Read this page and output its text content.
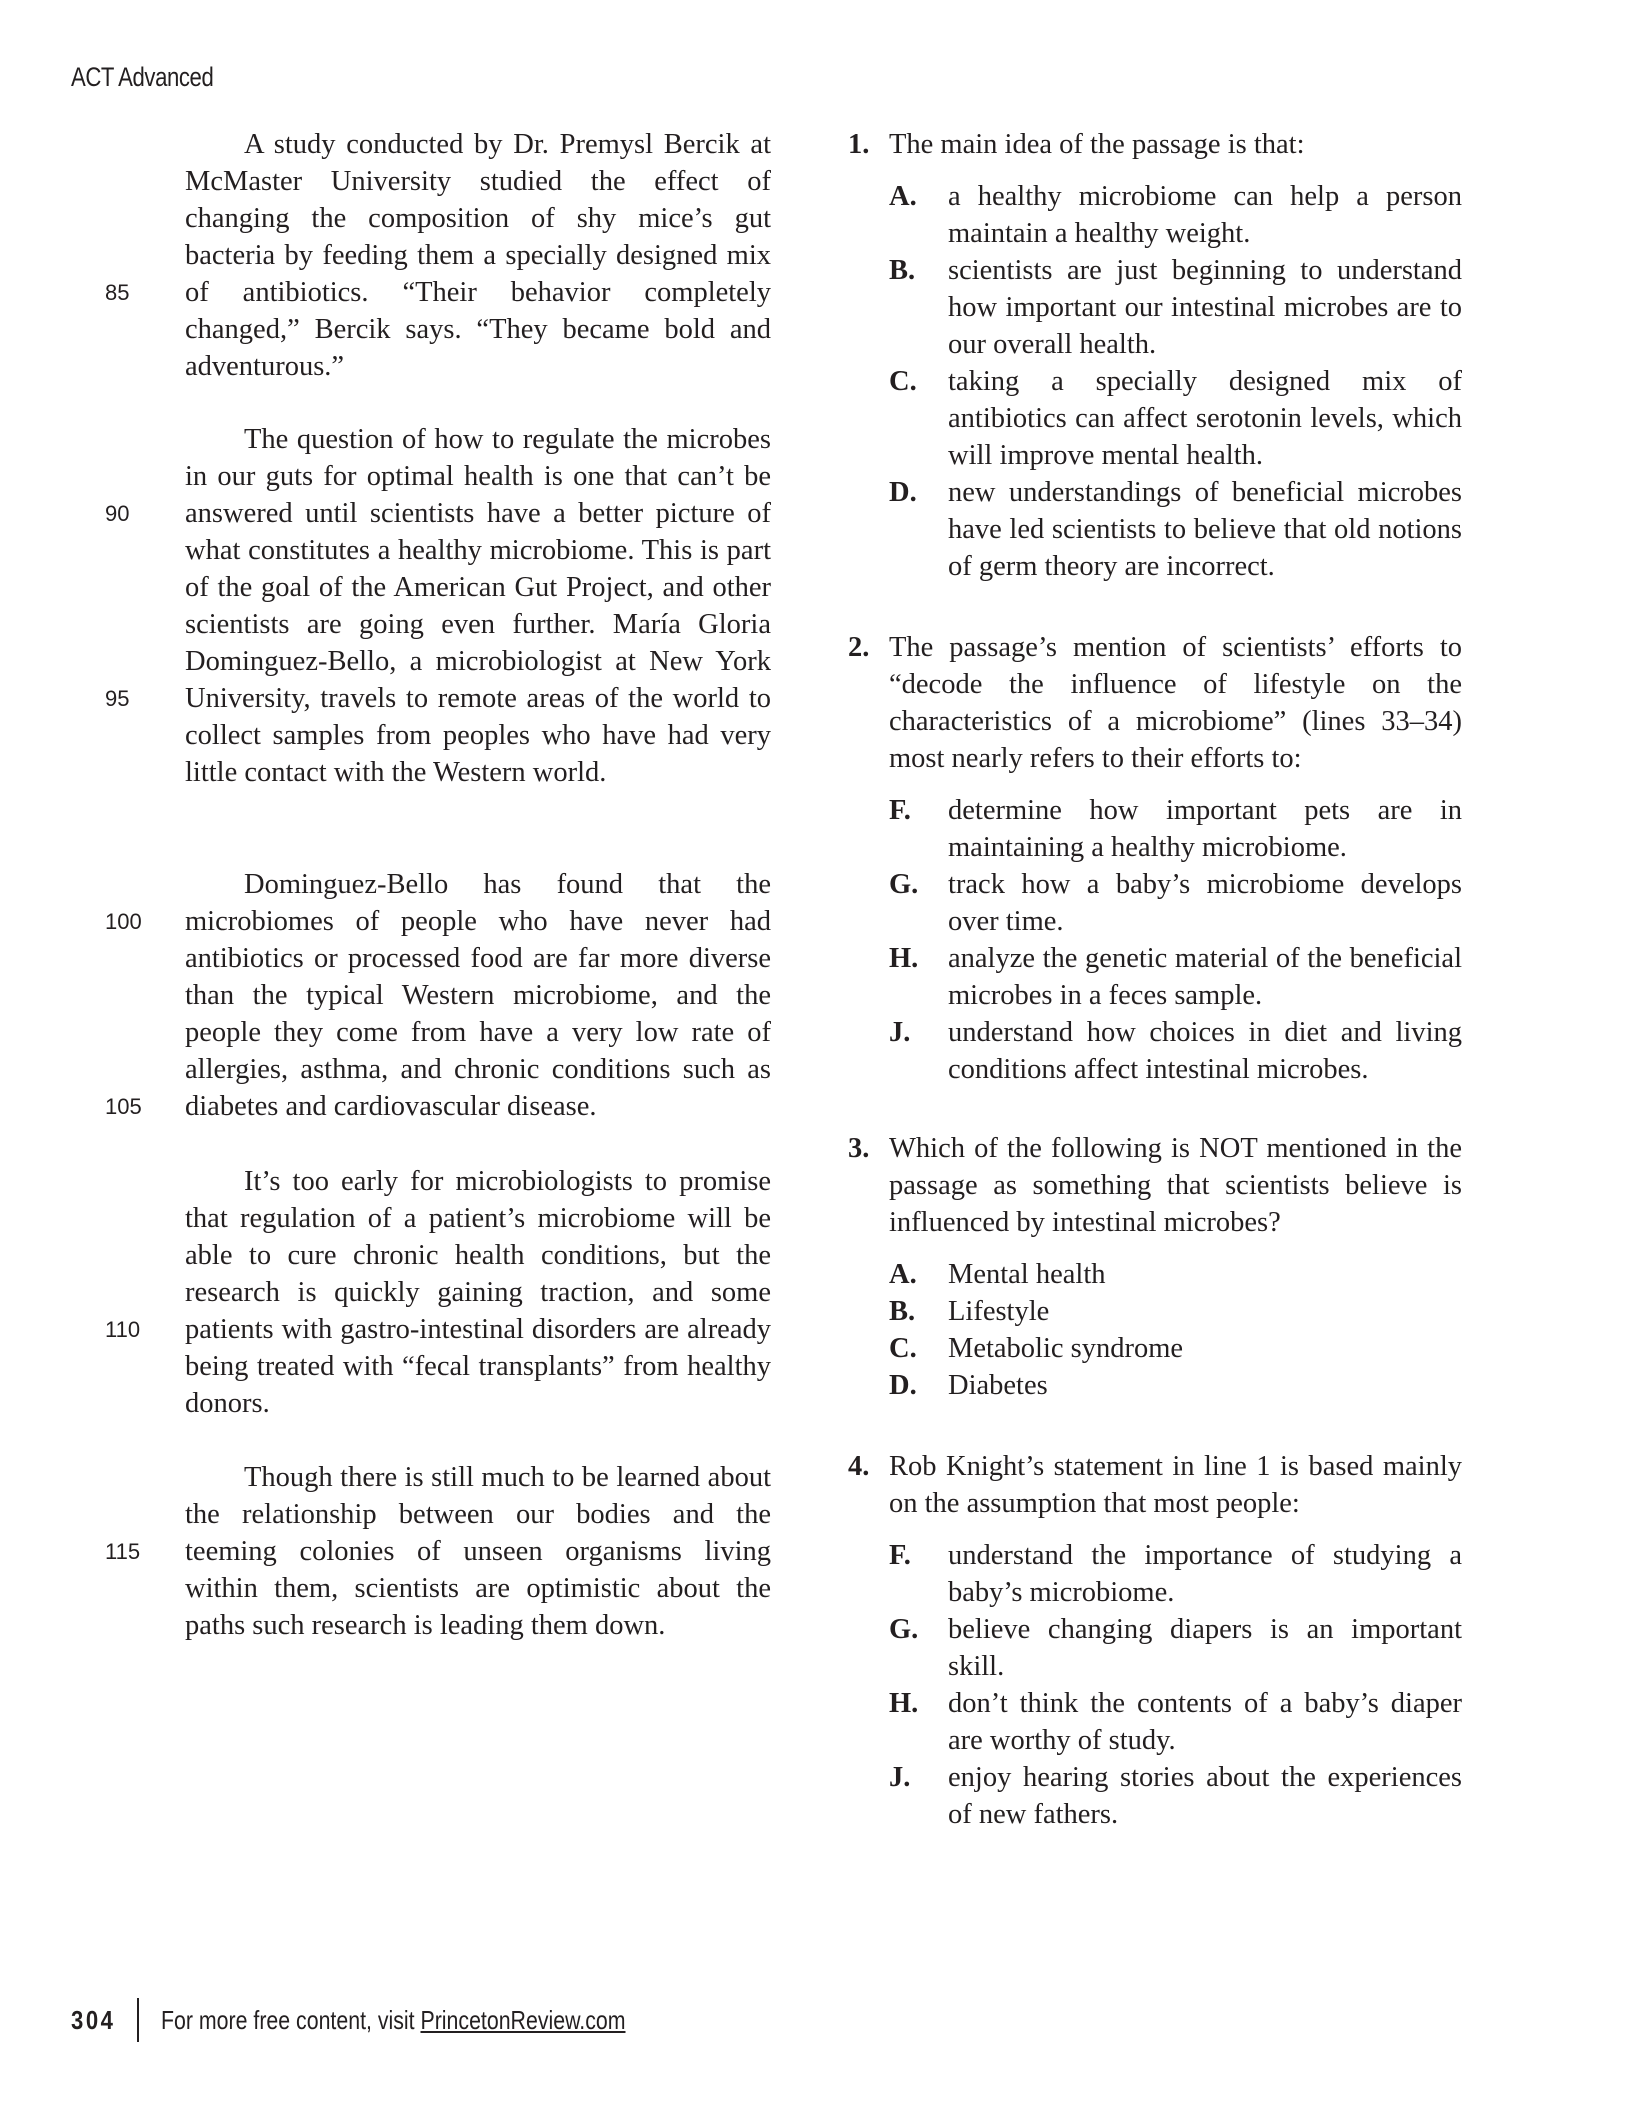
ACT Advanced
85
A study conducted by Dr. Premysl Bercik at McMaster University studied the effect of changing the composition of shy mice’s gut bacteria by feeding them a specially designed mix of antibiotics. “Their behavior completely changed,” Bercik says. “They became bold and adventurous.”
90
95
The question of how to regulate the microbes in our guts for optimal health is one that can’t be answered until scientists have a better picture of what constitutes a healthy microbiome. This is part of the goal of the American Gut Project, and other scientists are going even further. María Gloria Dominguez-Bello, a microbiologist at New York University, travels to remote areas of the world to collect samples from peoples who have had very little contact with the Western world.
100
105
Dominguez-Bello has found that the microbiomes of people who have never had antibiotics or processed food are far more diverse than the typical Western microbiome, and the people they come from have a very low rate of allergies, asthma, and chronic conditions such as diabetes and cardiovascular disease.
110
It’s too early for microbiologists to promise that regulation of a patient’s microbiome will be able to cure chronic health conditions, but the research is quickly gaining traction, and some patients with gastro-intestinal disorders are already being treated with “fecal transplants” from healthy donors.
115
Though there is still much to be learned about the relationship between our bodies and the teeming colonies of unseen organisms living within them, scientists are optimistic about the paths such research is leading them down.
1. The main idea of the passage is that:
A. a healthy microbiome can help a person maintain a healthy weight.
B. scientists are just beginning to understand how important our intestinal microbes are to our overall health.
C. taking a specially designed mix of antibiotics can affect serotonin levels, which will improve mental health.
D. new understandings of beneficial microbes have led scientists to believe that old notions of germ theory are incorrect.
2. The passage’s mention of scientists’ efforts to “decode the influence of lifestyle on the characteristics of a microbiome” (lines 33–34) most nearly refers to their efforts to:
F. determine how important pets are in maintaining a healthy microbiome.
G. track how a baby’s microbiome develops over time.
H. analyze the genetic material of the beneficial microbes in a feces sample.
J. understand how choices in diet and living conditions affect intestinal microbes.
3. Which of the following is NOT mentioned in the passage as something that scientists believe is influenced by intestinal microbes?
A. Mental health
B. Lifestyle
C. Metabolic syndrome
D. Diabetes
4. Rob Knight’s statement in line 1 is based mainly on the assumption that most people:
F. understand the importance of studying a baby’s microbiome.
G. believe changing diapers is an important skill.
H. don’t think the contents of a baby’s diaper are worthy of study.
J. enjoy hearing stories about the experiences of new fathers.
304 For more free content, visit PrincetonReview.com
